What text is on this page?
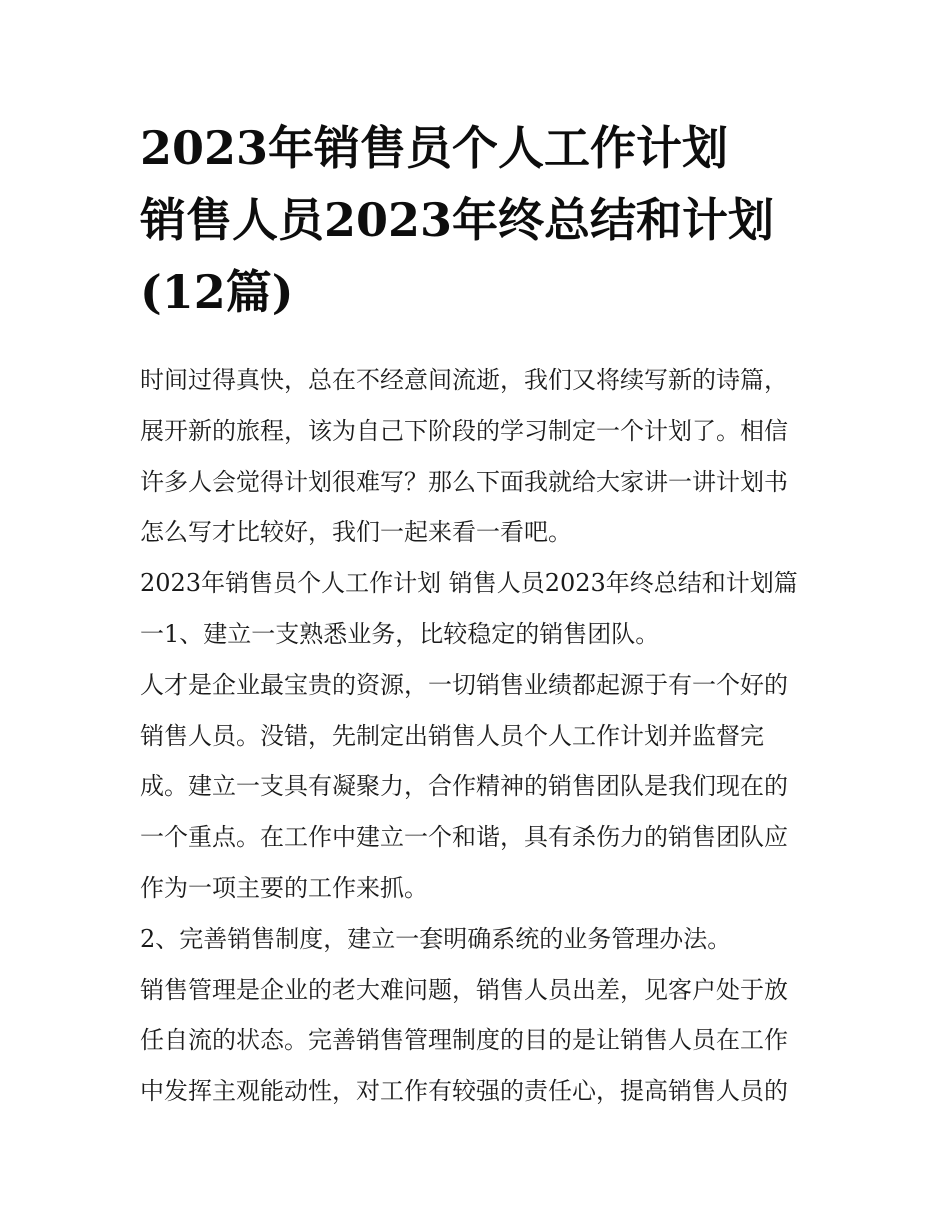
2023年销售员个人工作计划
销售人员2023年终总结和计划
(12篇)
时间过得真快，总在不经意间流逝，我们又将续写新的诗篇，
展开新的旅程，该为自己下阶段的学习制定一个计划了。相信
许多人会觉得计划很难写？那么下面我就给大家讲一讲计划书
怎么写才比较好，我们一起来看一看吧。
2023年销售员个人工作计划 销售人员2023年终总结和计划篇
一1、建立一支熟悉业务，比较稳定的销售团队。
人才是企业最宝贵的资源，一切销售业绩都起源于有一个好的
销售人员。没错，先制定出销售人员个人工作计划并监督完
成。建立一支具有凝聚力，合作精神的销售团队是我们现在的
一个重点。在工作中建立一个和谐，具有杀伤力的销售团队应
作为一项主要的工作来抓。
2、完善销售制度，建立一套明确系统的业务管理办法。
销售管理是企业的老大难问题，销售人员出差，见客户处于放
任自流的状态。完善销售管理制度的目的是让销售人员在工作
中发挥主观能动性，对工作有较强的责任心，提高销售人员的
